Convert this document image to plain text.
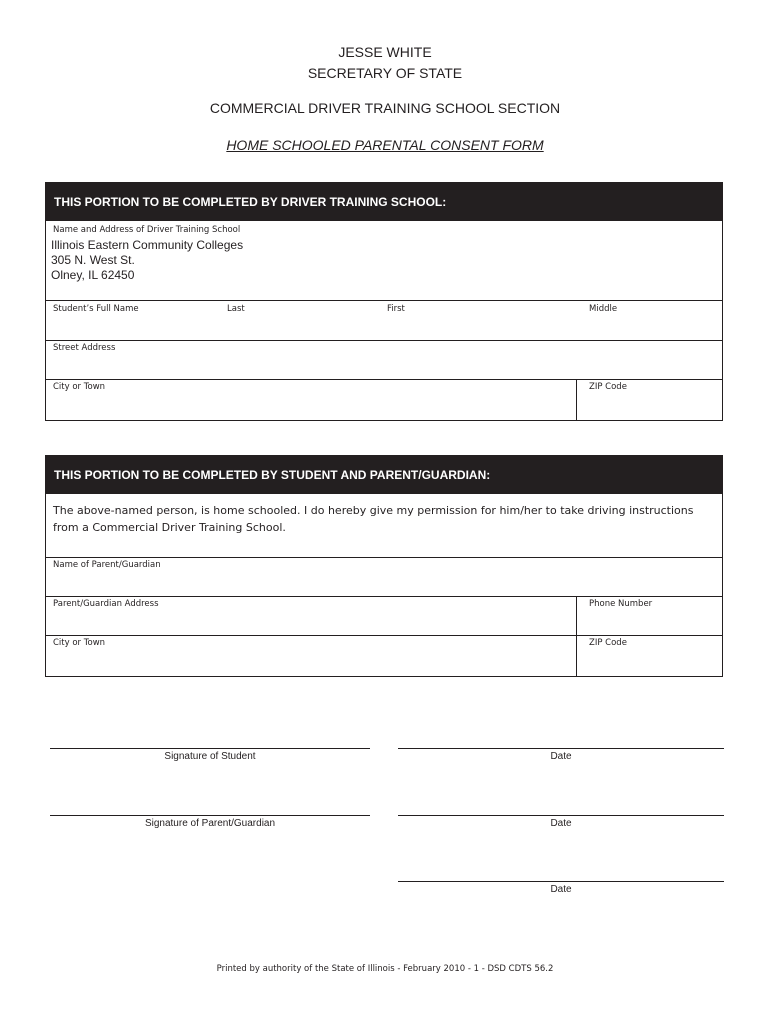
JESSE WHITE
SECRETARY OF STATE
COMMERCIAL DRIVER TRAINING SCHOOL SECTION
HOME SCHOOLED PARENTAL CONSENT FORM
THIS PORTION TO BE COMPLETED BY DRIVER TRAINING SCHOOL:
Name and Address of Driver Training School
Illinois Eastern Community Colleges
305 N. West St.
Olney, IL 62450
Student’s Full Name	Last	First	Middle
Street Address
City or Town	ZIP Code
THIS PORTION TO BE COMPLETED BY STUDENT AND PARENT/GUARDIAN:
The above-named person, is home schooled. I do hereby give my permission for him/her to take driving instructions from a Commercial Driver Training School.
Name of Parent/Guardian
Parent/Guardian Address	Phone Number
City or Town	ZIP Code
Signature of Student	Date
Signature of Parent/Guardian	Date
Date
Printed by authority of the State of Illinois - February 2010 - 1 - DSD CDTS 56.2
